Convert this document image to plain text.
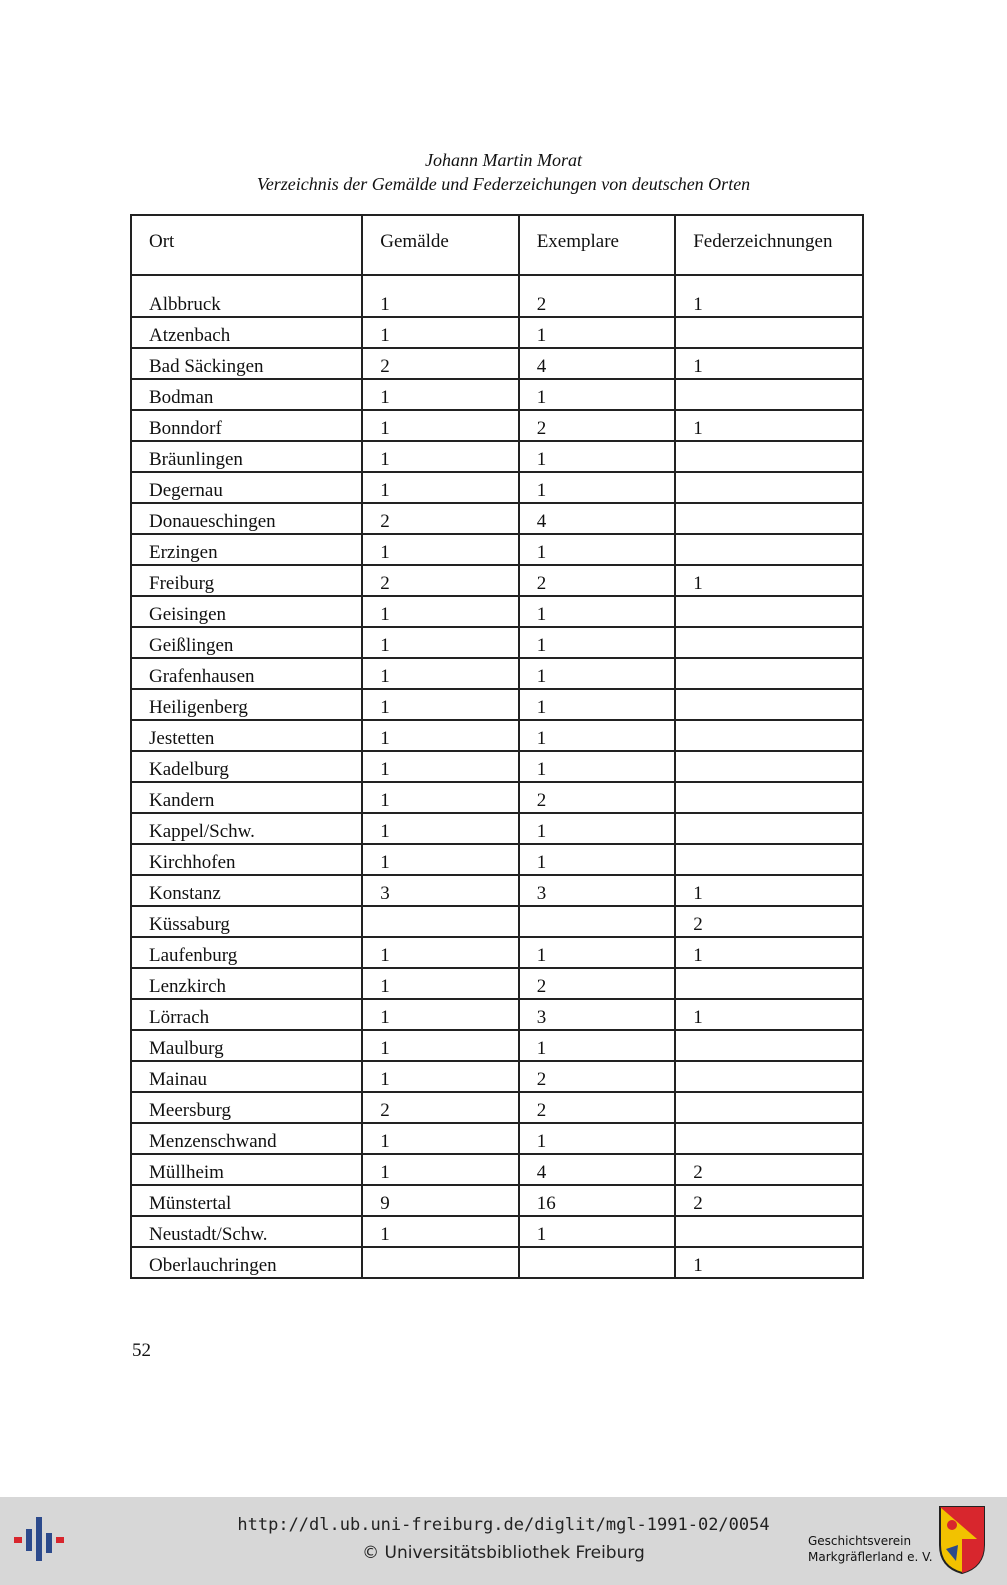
Johann Martin Morat
Verzeichnis der Gemälde und Federzeichungen von deutschen Orten
Ort	Gemälde	Exemplare	Federzeichnungen
Albbruck	1	2	1
Atzenbach	1	1	
Bad Säckingen	2	4	1
Bodman	1	1	
Bonndorf	1	2	1
Bräunlingen	1	1	
Degernau	1	1	
Donaueschingen	2	4	
Erzingen	1	1	
Freiburg	2	2	1
Geisingen	1	1	
Geißlingen	1	1	
Grafenhausen	1	1	
Heiligenberg	1	1	
Jestetten	1	1	
Kadelburg	1	1	
Kandern	1	2	
Kappel/Schw.	1	1	
Kirchhofen	1	1	
Konstanz	3	3	1
Küssaburg			2
Laufenburg	1	1	1
Lenzkirch	1	2	
Lörrach	1	3	1
Maulburg	1	1	
Mainau	1	2	
Meersburg	2	2	
Menzenschwand	1	1	
Müllheim	1	4	2
Münstertal	9	16	2
Neustadt/Schw.	1	1	
Oberlauchringen			1
52
http://dl.ub.uni-freiburg.de/diglit/mgl-1991-02/0054
© Universitätsbibliothek Freiburg
Geschichtsverein
Markgräflerland e. V.
